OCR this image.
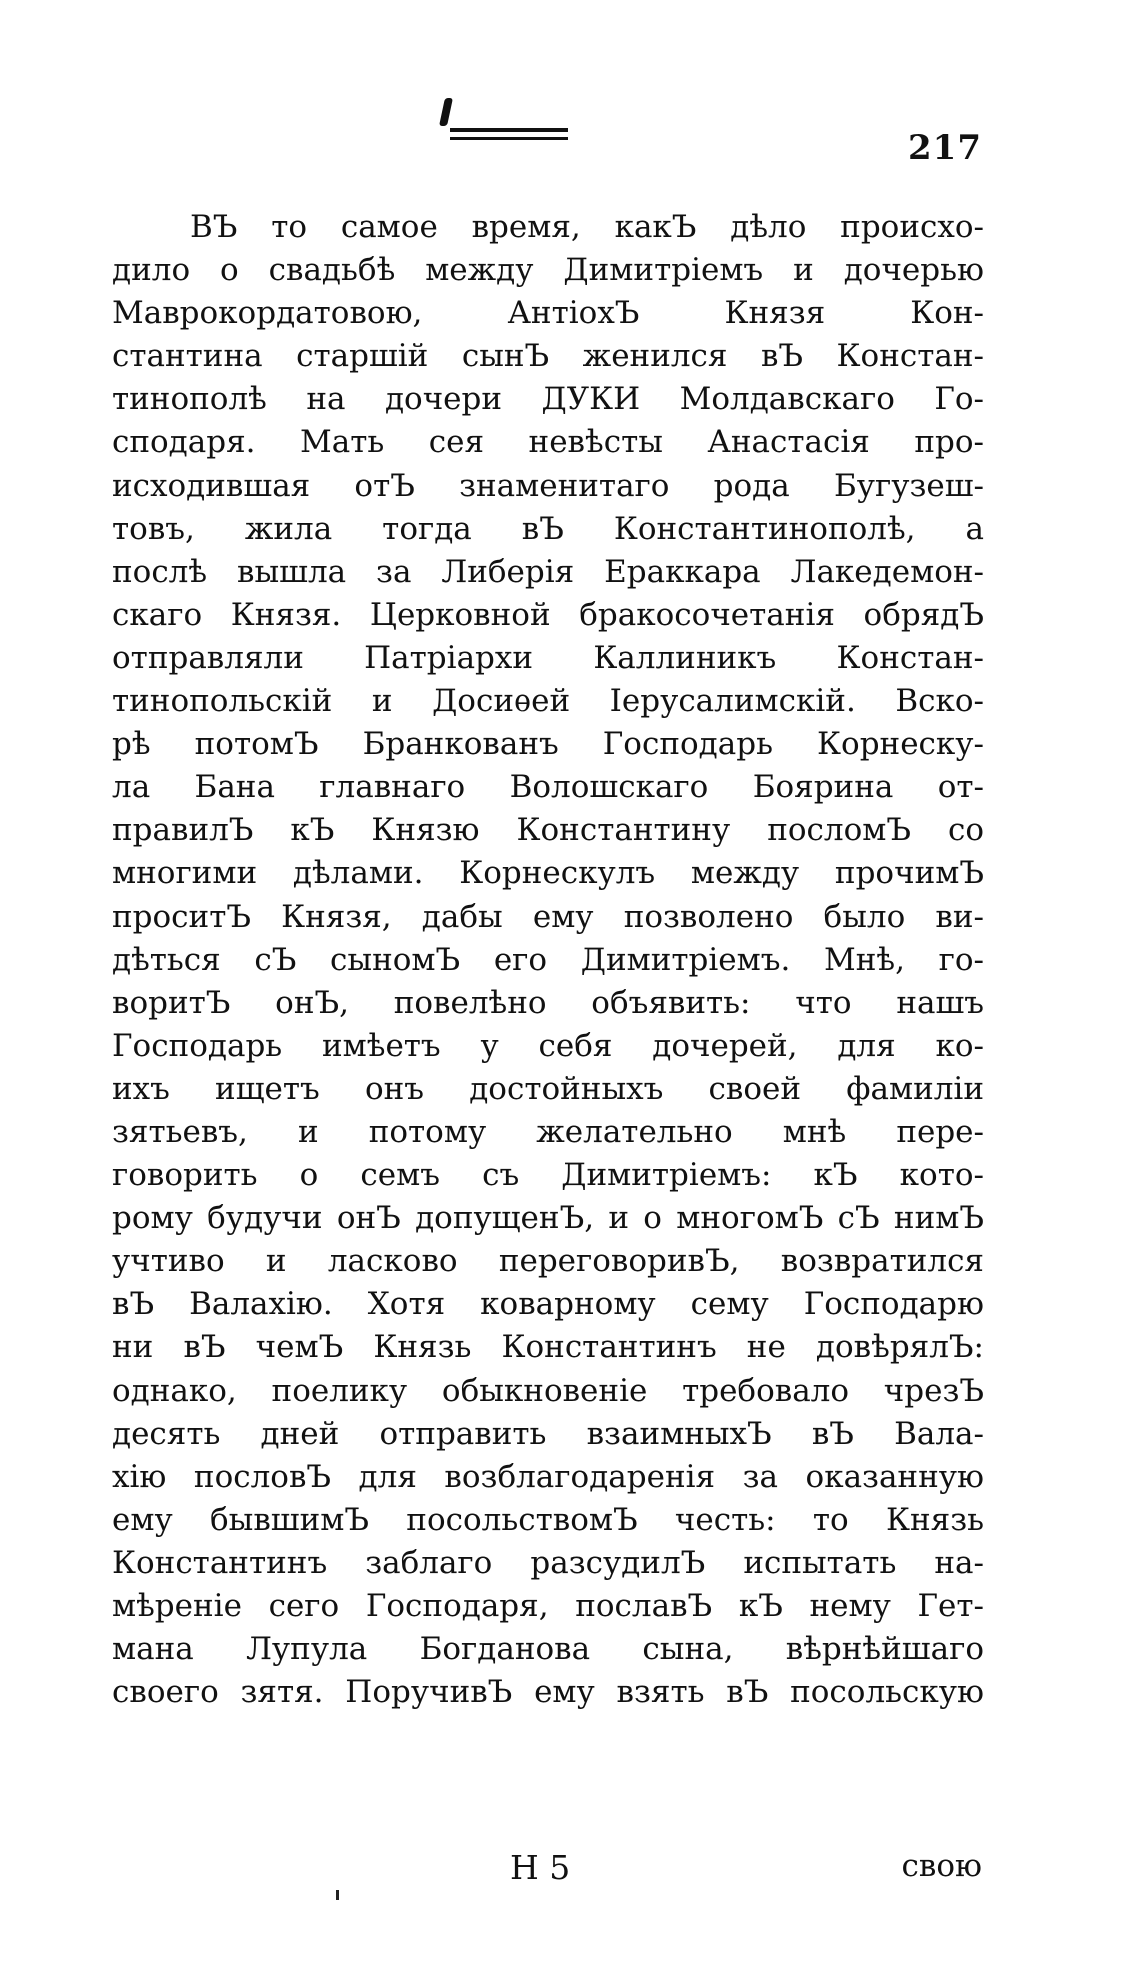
217
ВЪ то самое время, какЪ дѣло происхо-
дило о свадьбѣ между Димитріемъ и дочерью
Маврокордатовою, АнтіохЪ Князя Кон-
стантина старшій сынЪ женился вЪ Констан-
тинополѣ на дочери ДУКИ Молдавскаго Го-
сподаря. Мать сея невѣсты Анастасія про-
исходившая отЪ знаменитаго рода Бугузеш-
товъ, жила тогда вЪ Константинополѣ, а
послѣ вышла за Либерія Ераккара Лакедемон-
скаго Князя. Церковной бракосочетанія обрядЪ
отправляли Патріархи Каллиникъ Констан-
тинопольскій и Досиѳей Іерусалимскій. Вско-
рѣ потомЪ Бранкованъ Господарь Корнеску-
ла Бана главнаго Волошскаго Боярина от-
правилЪ кЪ Князю Константину посломЪ со
многими дѣлами. Корнескулъ между прочимЪ
проситЪ Князя, дабы ему позволено было ви-
дѣться сЪ сыномЪ его Димитріемъ. Мнѣ, го-
воритЪ онЪ, повелѣно объявить: что нашъ
Господарь имѣетъ у себя дочерей, для ко-
ихъ ищетъ онъ достойныхъ своей фамиліи
зятьевъ, и потому желательно мнѣ пере-
говорить о семъ съ Димитріемъ: кЪ кото-
рому будучи онЪ допущенЪ, и о многомЪ сЪ нимЪ
учтиво и ласково переговоривЪ, возвратился
вЪ Валахію. Хотя коварному сему Господарю
ни вЪ чемЪ Князь Константинъ не довѣрялЪ:
однако, поелику обыкновеніе требовало чрезЪ
десять дней отправить взаимныхЪ вЪ Вала-
хію пословЪ для возблагодаренія за оказанную
ему бывшимЪ посольствомЪ честь: то Князь
Константинъ заблаго разсудилЪ испытать на-
мѣреніе сего Господаря, пославЪ кЪ нему Гет-
мана Лупула Богданова сына, вѣрнѣйшаго
своего зятя. ПоручивЪ ему взять вЪ посольскую
Н 5	свою
